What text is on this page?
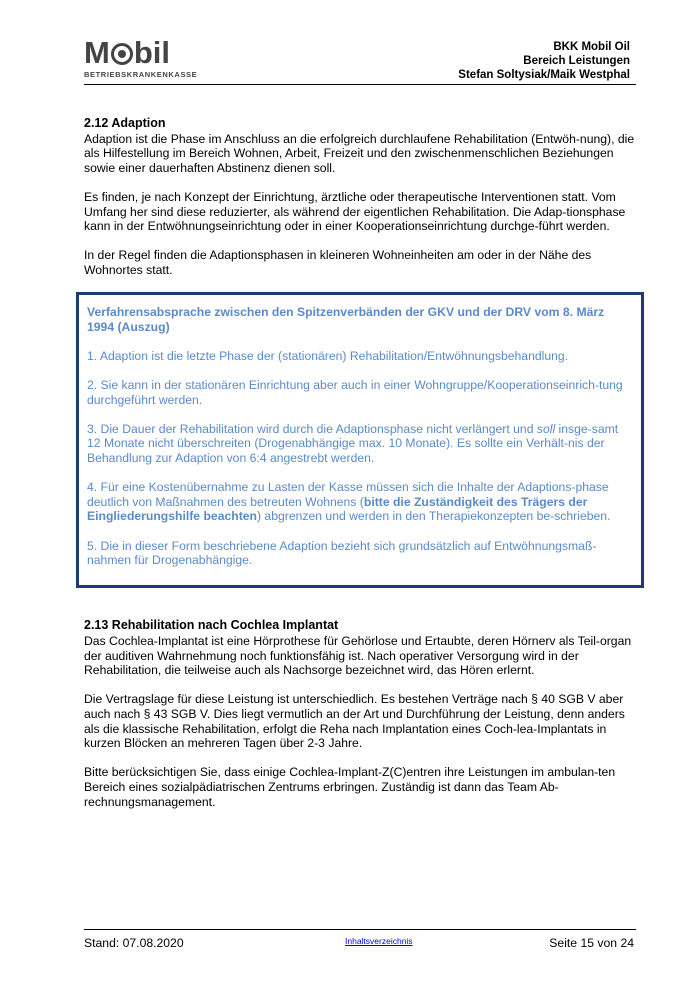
M bil
BETRIEBSKRANKENKASSE
BKK Mobil Oil
Bereich Leistungen
Stefan Soltysiak/Maik Westphal
2.12 Adaption

Adaption ist die Phase im Anschluss an die erfolgreich durchlaufene Rehabilitation (Entwöh-nung), die als Hilfestellung im Bereich Wohnen, Arbeit, Freizeit und den zwischenmenschlichen Beziehungen sowie einer dauerhaften Abstinenz dienen soll.

Es finden, je nach Konzept der Einrichtung, ärztliche oder therapeutische Interventionen statt. Vom Umfang her sind diese reduzierter, als während der eigentlichen Rehabilitation. Die Adap-tionsphase kann in der Entwöhnungseinrichtung oder in einer Kooperationseinrichtung durchge-führt werden.

In der Regel finden die Adaptionsphasen in kleineren Wohneinheiten am oder in der Nähe des Wohnortes statt.

Verfahrensabsprache zwischen den Spitzenverbänden der GKV und der DRV vom 8. März 1994 (Auszug)

1. Adaption ist die letzte Phase der (stationären) Rehabilitation/Entwöhnungsbehandlung.

2. Sie kann in der stationären Einrichtung aber auch in einer Wohngruppe/Kooperationseinrich-tung durchgeführt werden.

3. Die Dauer der Rehabilitation wird durch die Adaptionsphase nicht verlängert und soll insge-samt 12 Monate nicht überschreiten (Drogenabhängige max. 10 Monate). Es sollte ein Verhält-nis der Behandlung zur Adaption von 6:4 angestrebt werden.

4. Für eine Kostenübernahme zu Lasten der Kasse müssen sich die Inhalte der Adaptions-phase deutlich von Maßnahmen des betreuten Wohnens (bitte die Zuständigkeit des Trägers der Eingliederungshilfe beachten) abgrenzen und werden in den Therapiekonzepten be-schrieben.

5. Die in dieser Form beschriebene Adaption bezieht sich grundsätzlich auf Entwöhnungsmaß-nahmen für Drogenabhängige.

2.13 Rehabilitation nach Cochlea Implantat

Das Cochlea-Implantat ist eine Hörprothese für Gehörlose und Ertaubte, deren Hörnerv als Teil-organ der auditiven Wahrnehmung noch funktionsfähig ist. Nach operativer Versorgung wird in der Rehabilitation, die teilweise auch als Nachsorge bezeichnet wird, das Hören erlernt.

Die Vertragslage für diese Leistung ist unterschiedlich. Es bestehen Verträge nach § 40 SGB V aber auch nach § 43 SGB V. Dies liegt vermutlich an der Art und Durchführung der Leistung, denn anders als die klassische Rehabilitation, erfolgt die Reha nach Implantation eines Coch-lea-Implantats in kurzen Blöcken an mehreren Tagen über 2-3 Jahre.

Bitte berücksichtigen Sie, dass einige Cochlea-Implant-Z(C)entren ihre Leistungen im ambulan-ten Bereich eines sozialpädiatrischen Zentrums erbringen. Zuständig ist dann das Team Ab-rechnungsmanagement.

Stand: 07.08.2020	Inhaltsverzeichnis	Seite 15 von 24
